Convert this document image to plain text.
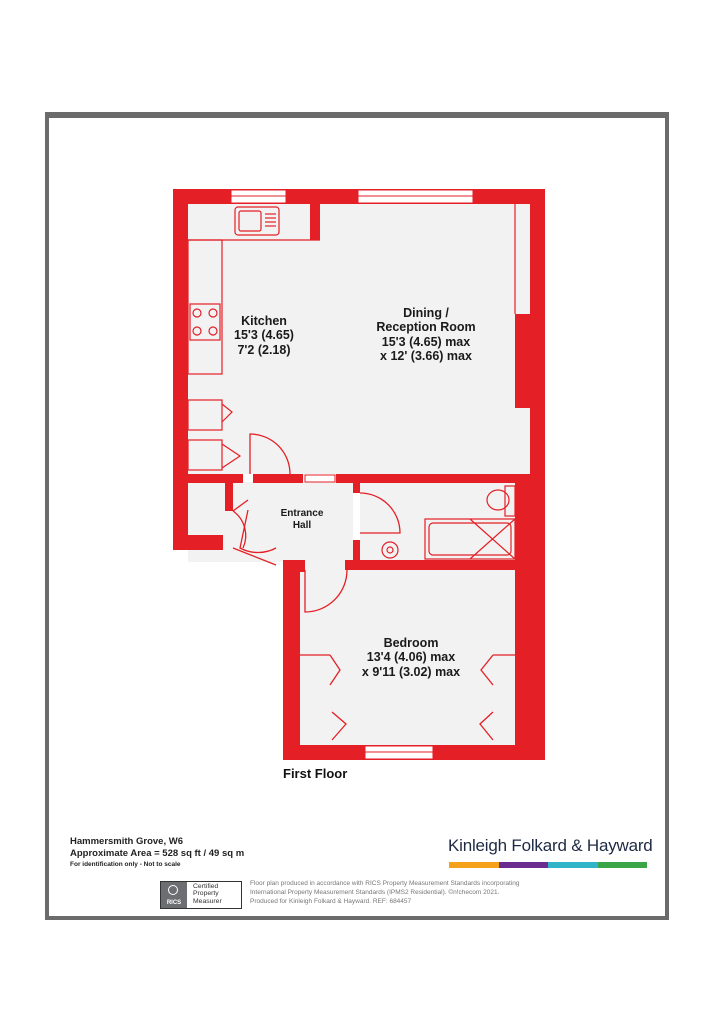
Kitchen
15'3 (4.65)
7'2 (2.18)
Dining /
Reception Room
15'3 (4.65) max
x 12' (3.66) max
Entrance
Hall
Bedroom
13'4 (4.06) max
x 9'11 (3.02) max
First Floor
Hammersmith Grove, W6
Approximate Area = 528 sq ft / 49 sq m
For identification only - Not to scale
Kinleigh Folkard & Hayward
RICS
Certified
Property
Measurer
Floor plan produced in accordance with RICS Property Measurement Standards incorporating
International Property Measurement Standards (IPMS2 Residential). ©n!checom 2021.
Produced for Kinleigh Folkard & Hayward. REF: 684457
